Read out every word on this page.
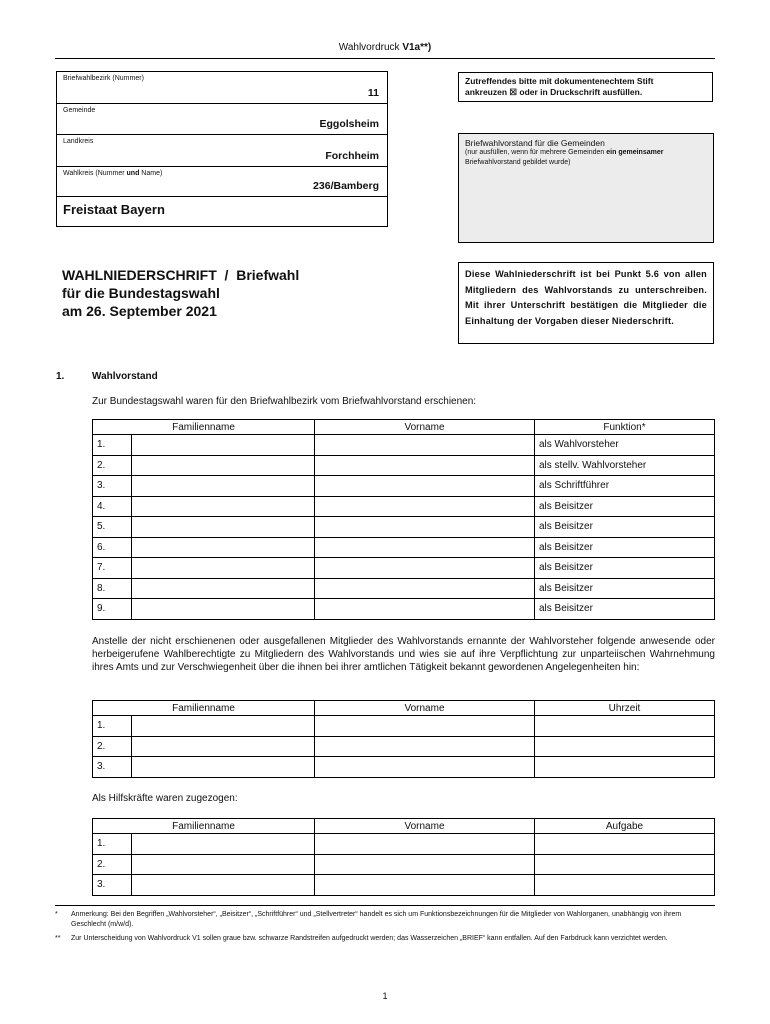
Wahlvordruck V1a**)
Briefwahlbezirk (Nummer)
11
Gemeinde
Eggolsheim
Landkreis
Forchheim
Wahlkreis (Nummer und Name)
236/Bamberg
Freistaat Bayern
Zutreffendes bitte mit dokumentenechtem Stift
ankreuzen ☒ oder in Druckschrift ausfüllen.
Briefwahlvorstand für die Gemeinden
(nur ausfüllen, wenn für mehrere Gemeinden ein gemeinsamer Briefwahlvorstand gebildet wurde)
WAHLNIEDERSCHRIFT  /  Briefwahl
für die Bundestagswahl
am 26. September 2021
Diese Wahlniederschrift ist bei Punkt 5.6 von allen Mitgliedern des Wahlvorstands zu unterschreiben. Mit ihrer Unterschrift bestätigen die Mitglieder die Einhaltung der Vorgaben dieser Niederschrift.
1.	Wahlvorstand
Zur Bundestagswahl waren für den Briefwahlbezirk vom Briefwahlvorstand erschienen:
Familienname		Vorname	Funktion*
1.			als Wahlvorsteher
2.			als stellv. Wahlvorsteher
3.			als Schriftführer
4.			als Beisitzer
5.			als Beisitzer
6.			als Beisitzer
7.			als Beisitzer
8.			als Beisitzer
9.			als Beisitzer
Anstelle der nicht erschienenen oder ausgefallenen Mitglieder des Wahlvorstands ernannte der Wahlvorsteher folgende anwesende oder herbeigerufene Wahlberechtigte zu Mitgliedern des Wahlvorstands und wies sie auf ihre Verpflichtung zur unparteiischen Wahrnehmung ihres Amts und zur Verschwiegenheit über die ihnen bei ihrer amtlichen Tätigkeit bekannt gewordenen Angelegenheiten hin:
Familienname		Vorname	Uhrzeit
1.			
2.			
3.			
Als Hilfskräfte waren zugezogen:
Familienname		Vorname	Aufgabe
1.			
2.			
3.			
* Anmerkung: Bei den Begriffen „Wahlvorsteher“, „Beisitzer“, „Schriftführer“ und „Stellvertreter“ handelt es sich um Funktionsbezeichnungen für die Mitglieder von Wahlorganen, unabhängig von ihrem Geschlecht (m/w/d).
** Zur Unterscheidung von Wahlvordruck V1 sollen graue bzw. schwarze Randstreifen aufgedruckt werden; das Wasserzeichen „BRIEF“ kann entfallen. Auf den Farbdruck kann verzichtet werden.
1
